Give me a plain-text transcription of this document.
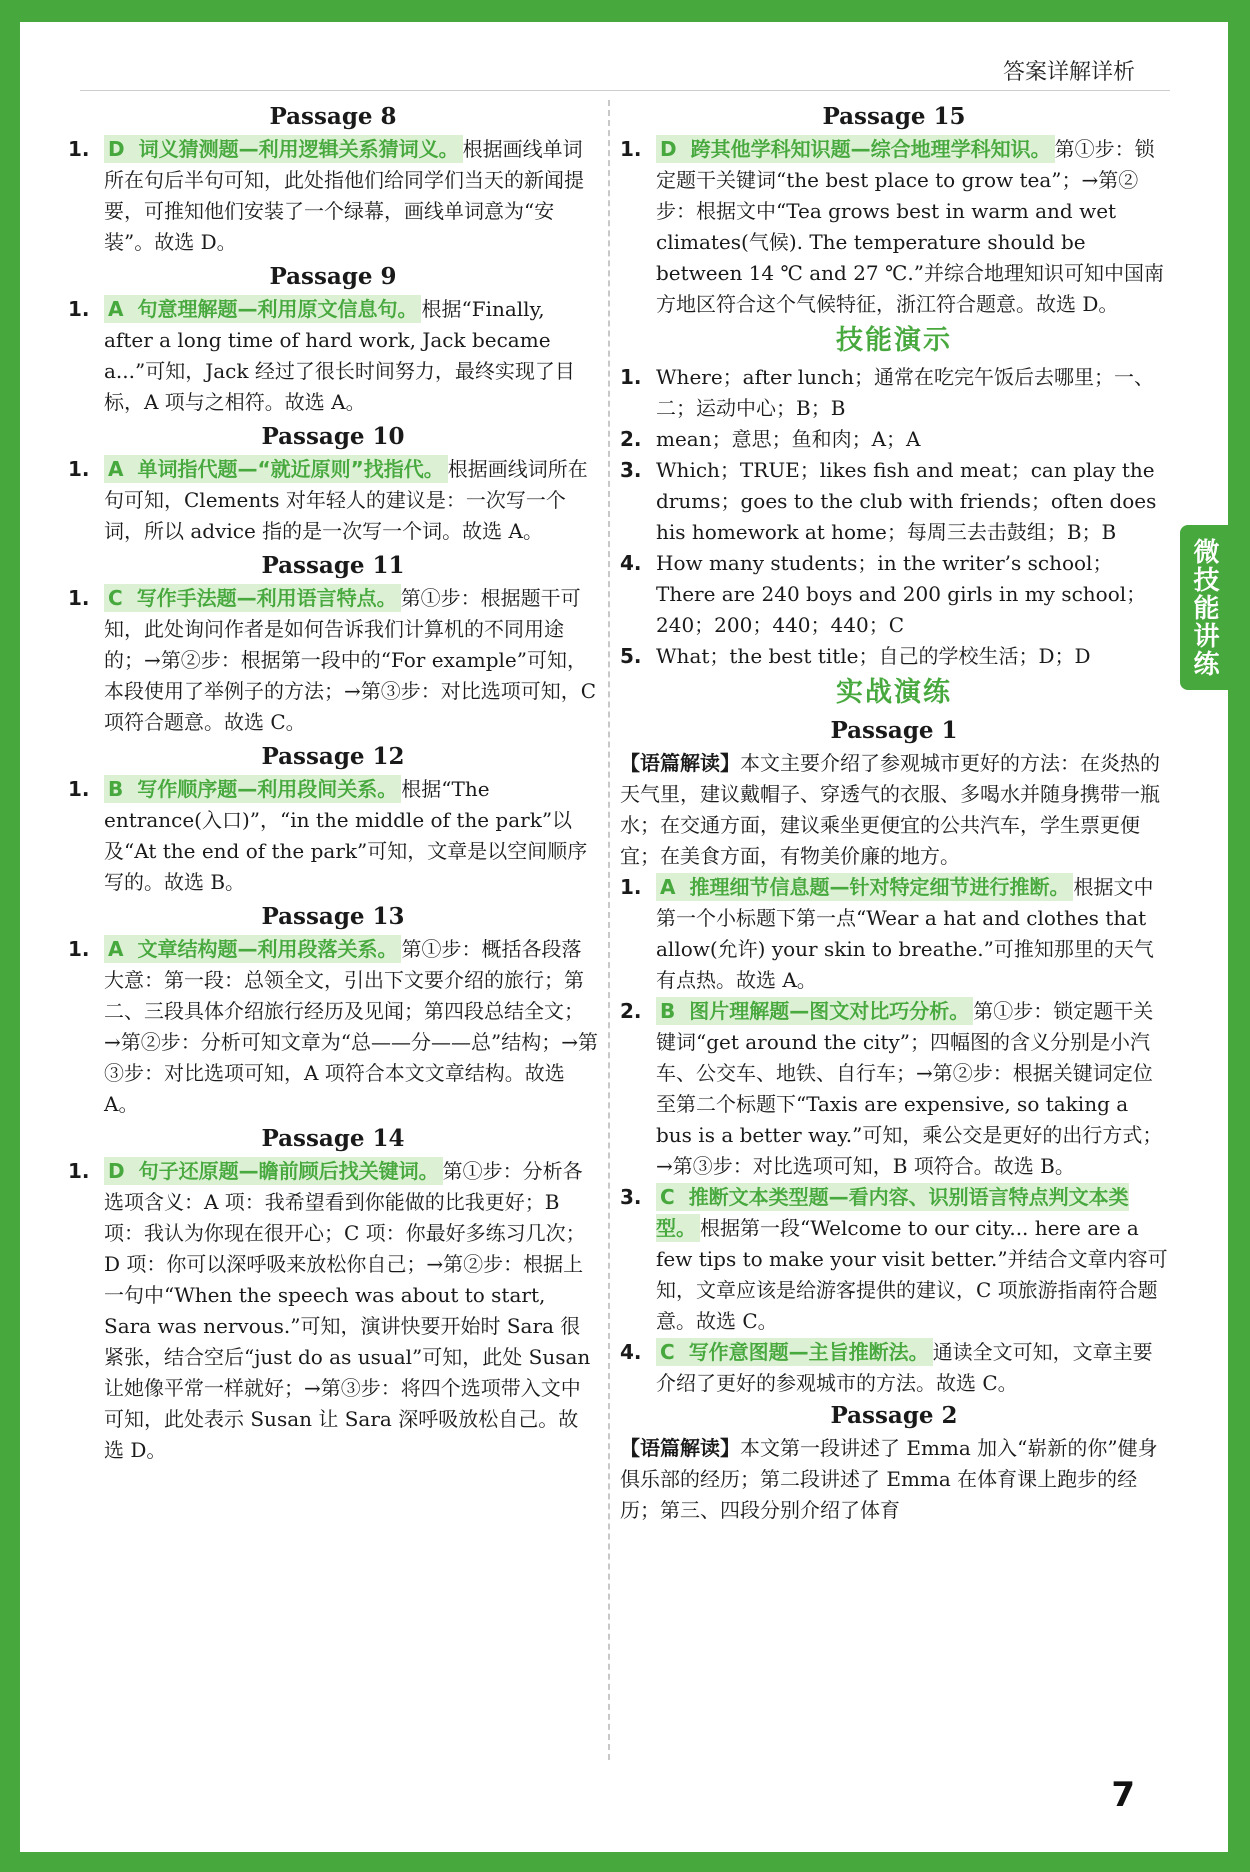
答案详解详析
微技能讲练
7
Passage 8
1. D 词义猜测题—利用逻辑关系猜词义。 根据画线单词所在句后半句可知，此处指他们给同学们当天的新闻提要，可推知他们安装了一个绿幕，画线单词意为“安装”。故选 D。
Passage 9
1. A 句意理解题—利用原文信息句。 根据“Finally, after a long time of hard work, Jack became a...”可知，Jack 经过了很长时间努力，最终实现了目标，A 项与之相符。故选 A。
Passage 10
1. A 单词指代题—“就近原则”找指代。 根据画线词所在句可知，Clements 对年轻人的建议是：一次写一个词，所以 advice 指的是一次写一个词。故选 A。
Passage 11
1. C 写作手法题—利用语言特点。 第①步：根据题干可知，此处询问作者是如何告诉我们计算机的不同用途的；→第②步：根据第一段中的“For example”可知，本段使用了举例子的方法；→第③步：对比选项可知，C 项符合题意。故选 C。
Passage 12
1. B 写作顺序题—利用段间关系。 根据“The entrance(入口)”，“in the middle of the park”以及“At the end of the park”可知，文章是以空间顺序写的。故选 B。
Passage 13
1. A 文章结构题—利用段落关系。 第①步：概括各段落大意：第一段：总领全文，引出下文要介绍的旅行；第二、三段具体介绍旅行经历及见闻；第四段总结全文；→第②步：分析可知文章为“总——分——总”结构；→第③步：对比选项可知，A 项符合本文文章结构。故选 A。
Passage 14
1. D 句子还原题—瞻前顾后找关键词。 第①步：分析各选项含义：A 项：我希望看到你能做的比我更好；B 项：我认为你现在很开心；C 项：你最好多练习几次；D 项：你可以深呼吸来放松你自己；→第②步：根据上一句中“When the speech was about to start, Sara was nervous.”可知，演讲快要开始时 Sara 很紧张，结合空后“just do as usual”可知，此处 Susan 让她像平常一样就好；→第③步：将四个选项带入文中可知，此处表示 Susan 让 Sara 深呼吸放松自己。故选 D。
Passage 15
1. D 跨其他学科知识题—综合地理学科知识。 第①步：锁定题干关键词“the best place to grow tea”；→第②步：根据文中“Tea grows best in warm and wet climates(气候). The temperature should be between 14 ℃ and 27 ℃.”并综合地理知识可知中国南方地区符合这个气候特征，浙江符合题意。故选 D。
技能演示
1. Where；after lunch；通常在吃完午饭后去哪里；一、二；运动中心；B；B
2. mean；意思；鱼和肉；A；A
3. Which；TRUE；likes fish and meat；can play the drums；goes to the club with friends；often does his homework at home；每周三去击鼓组；B；B
4. How many students；in the writer’s school；There are 240 boys and 200 girls in my school；240；200；440；440；C
5. What；the best title；自己的学校生活；D；D
实战演练
Passage 1
【语篇解读】本文主要介绍了参观城市更好的方法：在炎热的天气里，建议戴帽子、穿透气的衣服、多喝水并随身携带一瓶水；在交通方面，建议乘坐更便宜的公共汽车，学生票更便宜；在美食方面，有物美价廉的地方。
1. A 推理细节信息题—针对特定细节进行推断。 根据文中第一个小标题下第一点“Wear a hat and clothes that allow(允许) your skin to breathe.”可推知那里的天气有点热。故选 A。
2. B 图片理解题—图文对比巧分析。 第①步：锁定题干关键词“get around the city”；四幅图的含义分别是小汽车、公交车、地铁、自行车；→第②步：根据关键词定位至第二个标题下“Taxis are expensive, so taking a bus is a better way.”可知，乘公交是更好的出行方式；→第③步：对比选项可知，B 项符合。故选 B。
3. C 推断文本类型题—看内容、识别语言特点判文本类型。 根据第一段“Welcome to our city... here are a few tips to make your visit better.”并结合文章内容可知，文章应该是给游客提供的建议，C 项旅游指南符合题意。故选 C。
4. C 写作意图题—主旨推断法。 通读全文可知，文章主要介绍了更好的参观城市的方法。故选 C。
Passage 2
【语篇解读】本文第一段讲述了 Emma 加入“崭新的你”健身俱乐部的经历；第二段讲述了 Emma 在体育课上跑步的经历；第三、四段分别介绍了体育
